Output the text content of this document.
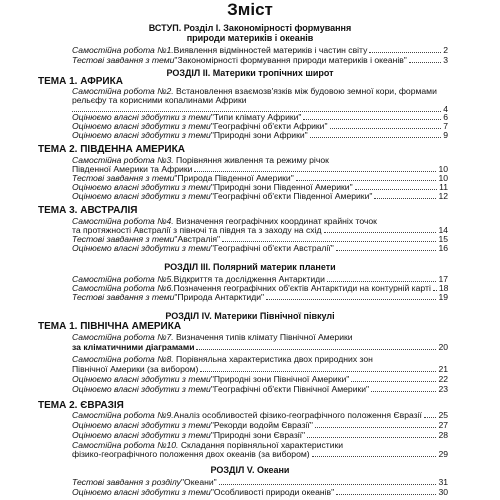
Зміст
ВСТУП. Розділ І. Закономірності формування
природи материків і океанів
Самостійна робота №1. Виявлення відмінностей материків і частин світу	2
Тестові завдання з теми "Закономірності формування природи материків і океанів"	3
РОЗДІЛ ІІ. Материки тропічних широт
ТЕМА 1. АФРИКА
Самостійна робота №2. Встановлення взаємозв'язків між будовою земної кори, формами
рельєфу та корисними копалинами Африки
4
Оцінюємо власні здобутки з теми "Типи клімату Африки"	6
Оцінюємо власні здобутки з теми "Географічні об'єкти Африки"	7
Оцінюємо власні здобутки з теми "Природні зони Африки"	9
ТЕМА 2. ПІВДЕННА АМЕРИКА
Самостійна робота №3. Порівняння живлення та режиму річок
Південної Америки та Африки	10
Тестові завдання з теми "Природа Південної Америки"	10
Оцінюємо власні здобутки з теми "Природні зони Південної Америки"	11
Оцінюємо власні здобутки з теми "Географічні об'єкти Південної Америки"	12
ТЕМА 3. АВСТРАЛІЯ
Самостійна робота №4. Визначення географічних координат крайніх точок
та протяжності Австралії з півночі та півдня та з заходу на схід	14
Тестові завдання з теми "Австралія"	15
Оцінюємо власні здобутки з теми "Географічні об'єкти Австралії"	16
РОЗДІЛ ІІІ. Полярний материк планети
Самостійна робота №5. Відкриття та дослідження Антарктиди	17
Самостійна робота №6. Позначення географічних об'єктів Антарктиди на контурній карті 18
Тестові завдання з теми "Природа Антарктиди"	19
РОЗДІЛ IV. Материки Північної півкулі
ТЕМА 1. ПІВНІЧНА АМЕРИКА
Самостійна робота №7. Визначення типів клімату Північної Америки
за кліматичними діаграмами	20
Самостійна робота №8. Порівняльна характеристика двох природних зон
Північної Америки (за вибором)	21
Оцінюємо власні здобутки з теми "Природні зони Північної Америки"	22
Оцінюємо власні здобутки з теми "Географічні об'єкти Північної Америки"	23
ТЕМА 2. ЄВРАЗІЯ
Самостійна робота №9. Аналіз особливостей фізико-географічного положення Євразії 25
Оцінюємо власні здобутки з теми "Рекорди водойм Євразії"	27
Оцінюємо власні здобутки з теми "Природні зони Євразії"	28
Самостійна робота №10. Складання порівняльної характеристики
фізико-географічного положення двох океанів (за вибором)	29
РОЗДІЛ V. Океани
Тестові завдання з розділу "Океани"	31
Оцінюємо власні здобутки з теми "Особливості природи океанів"	30
